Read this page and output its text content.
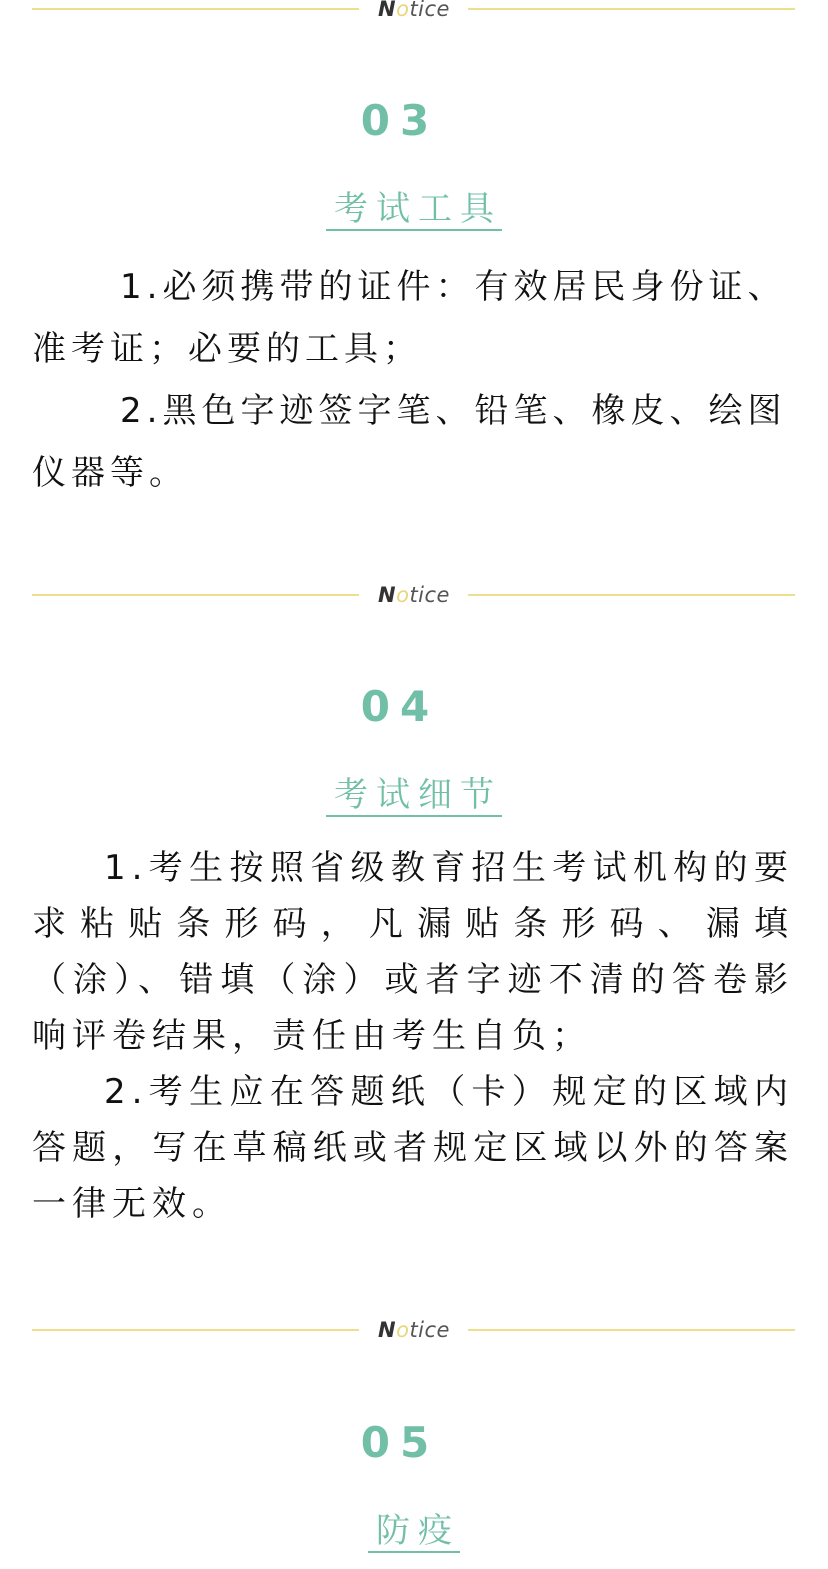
Notice
03
考试工具

1.必须携带的证件：有效居民身份证、准考证；必要的工具；

2.黑色字迹签字笔、铅笔、橡皮、绘图仪器等。

Notice
04
考试细节

1.考生按照省级教育招生考试机构的要求粘贴条形码，凡漏贴条形码、漏填（涂）、错填（涂）或者字迹不清的答卷影响评卷结果，责任由考生自负；

2.考生应在答题纸（卡）规定的区域内答题，写在草稿纸或者规定区域以外的答案一律无效。

Notice
05
防疫
